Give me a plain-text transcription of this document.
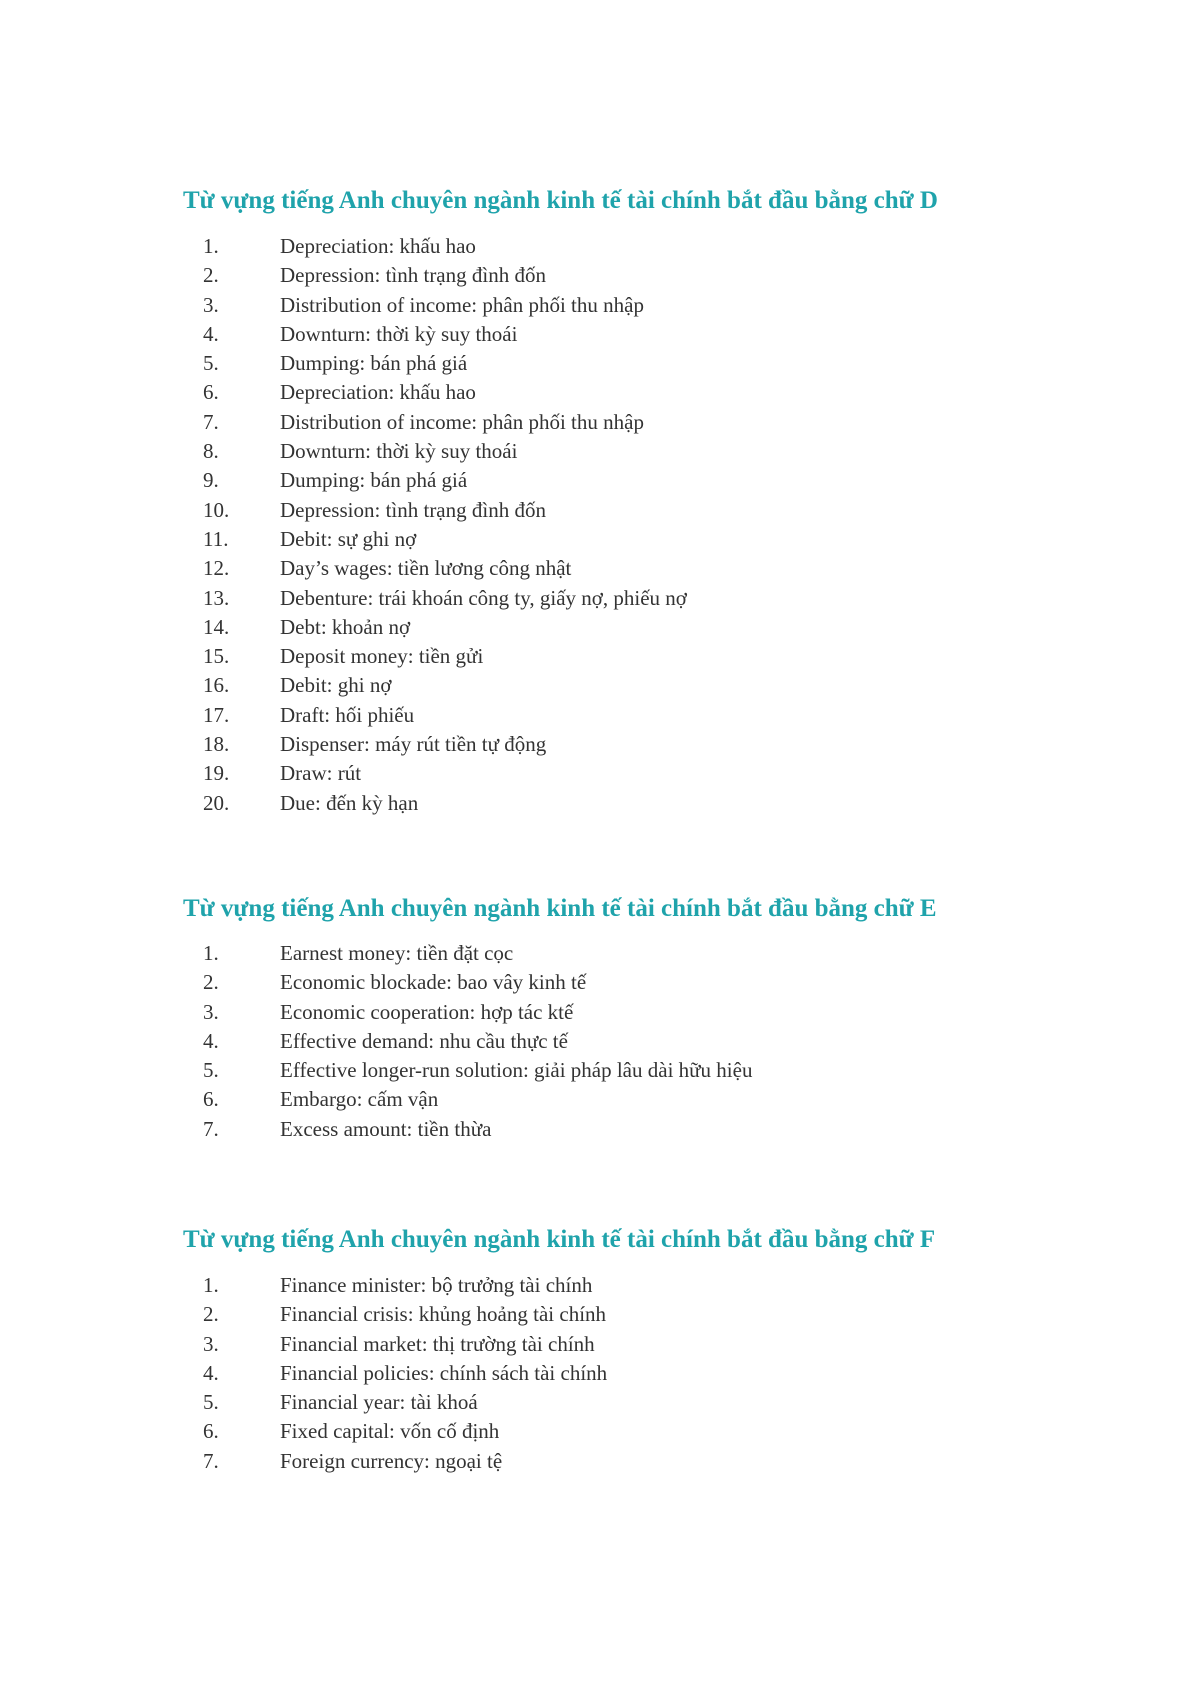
Từ vựng tiếng Anh chuyên ngành kinh tế tài chính bắt đầu bằng chữ D
1.	Depreciation: khấu hao
2.	Depression: tình trạng đình đốn
3.	Distribution of income: phân phối thu nhập
4.	Downturn: thời kỳ suy thoái
5.	Dumping: bán phá giá
6.	Depreciation: khấu hao
7.	Distribution of income: phân phối thu nhập
8.	Downturn: thời kỳ suy thoái
9.	Dumping: bán phá giá
10.	Depression: tình trạng đình đốn
11.	Debit: sự ghi nợ
12.	Day’s wages: tiền lương công nhật
13.	Debenture: trái khoán công ty, giấy nợ, phiếu nợ
14.	Debt: khoản nợ
15.	Deposit money: tiền gửi
16.	Debit: ghi nợ
17.	Draft: hối phiếu
18.	Dispenser: máy rút tiền tự động
19.	Draw: rút
20.	Due: đến kỳ hạn
Từ vựng tiếng Anh chuyên ngành kinh tế tài chính bắt đầu bằng chữ E
1.	Earnest money: tiền đặt cọc
2.	Economic blockade: bao vây kinh tế
3.	Economic cooperation: hợp tác ktế
4.	Effective demand: nhu cầu thực tế
5.	Effective longer-run solution: giải pháp lâu dài hữu hiệu
6.	Embargo: cấm vận
7.	Excess amount: tiền thừa
Từ vựng tiếng Anh chuyên ngành kinh tế tài chính bắt đầu bằng chữ F
1.	Finance minister: bộ trưởng tài chính
2.	Financial crisis: khủng hoảng tài chính
3.	Financial market: thị trường tài chính
4.	Financial policies: chính sách tài chính
5.	Financial year: tài khoá
6.	Fixed capital: vốn cố định
7.	Foreign currency: ngoại tệ
